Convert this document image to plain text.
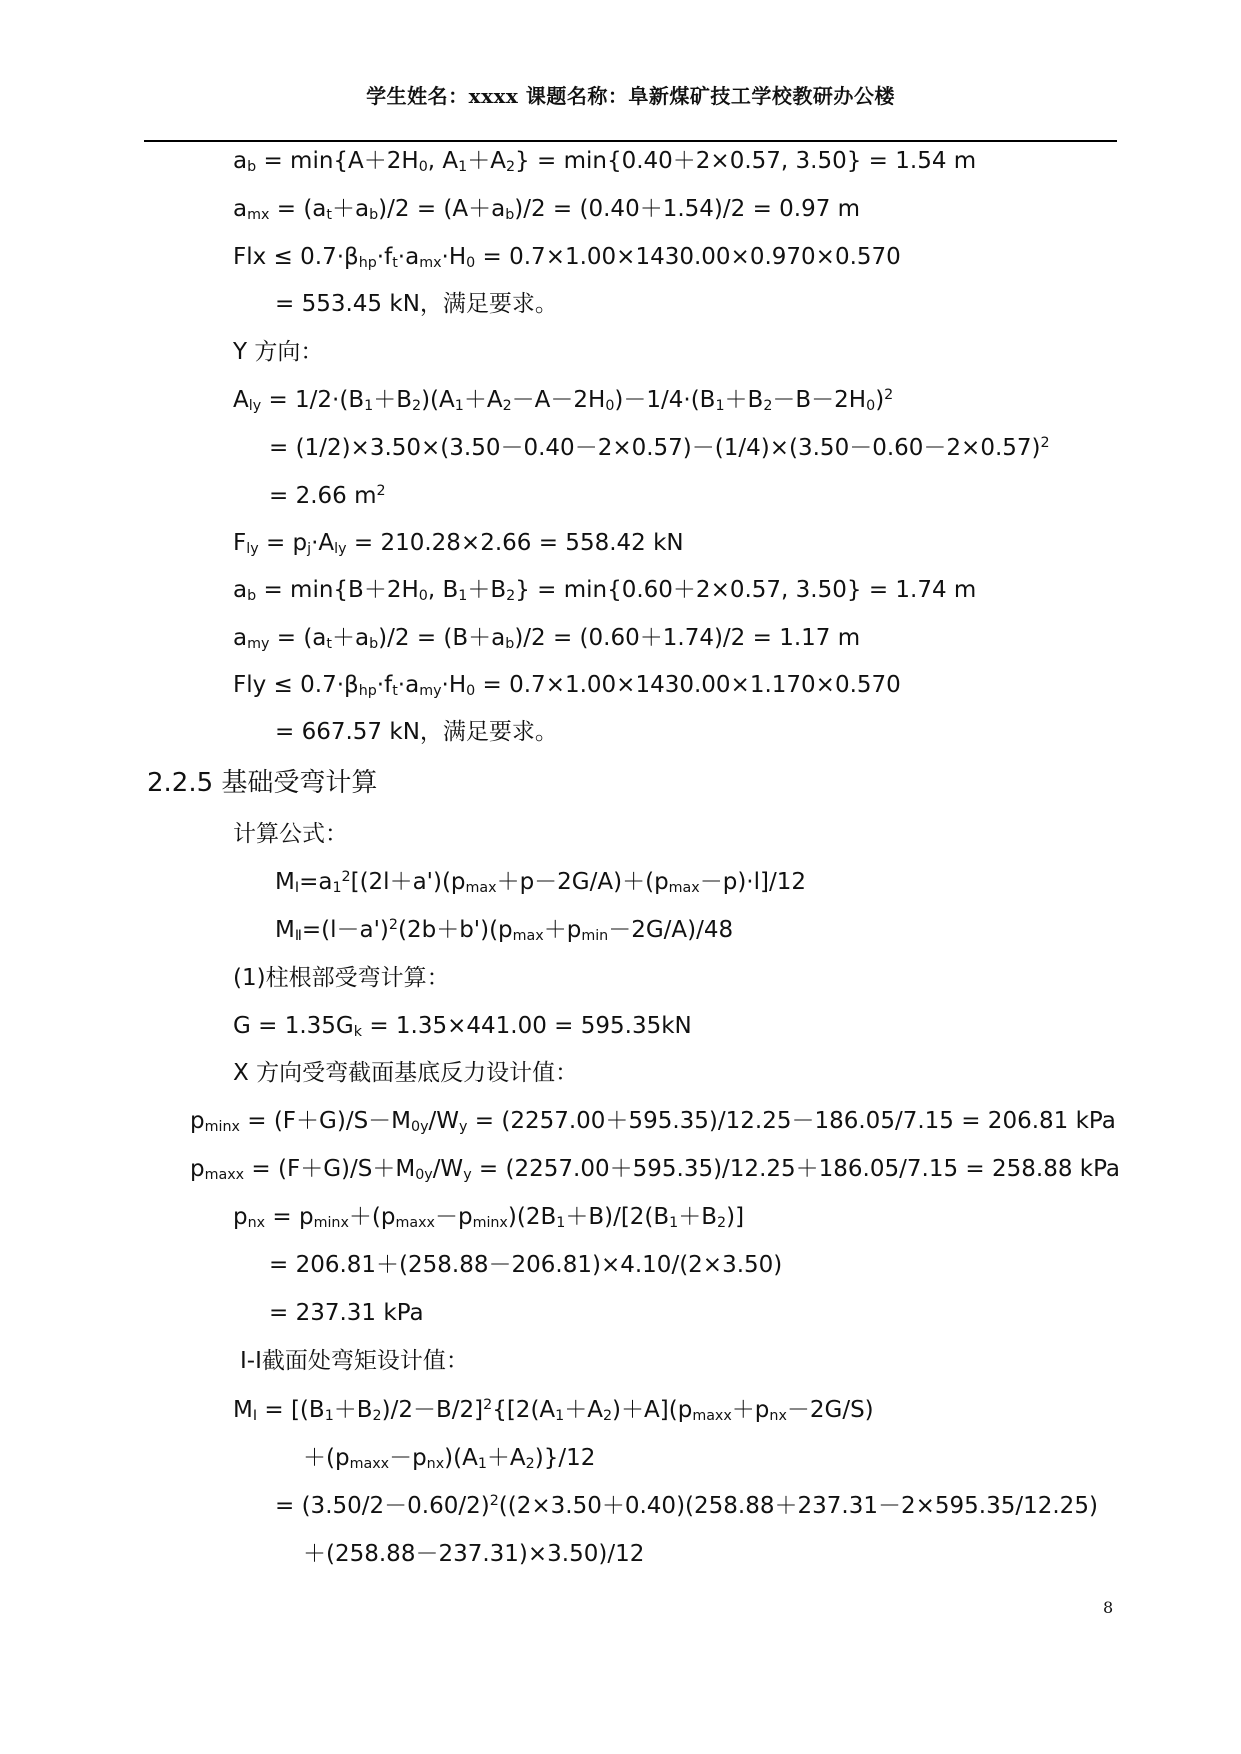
学生姓名：xxxx 课题名称：阜新煤矿技工学校教研办公楼
$a_b = \min\{A+2H_0$, $A_1+A_2\} = \min\{0.40+2\times 0.57$, 3.50} = 1.54 m
$a_{mx} = (a_t+a_b)/2 = (A+a_b)/2 = (0.40+1.54)/2 = 0.97$ m
Flx ≤ $0.7\cdot\beta_{hp}\cdot f_t\cdot a_{mx}\cdot H_0 = 0.7\times 1.00\times 1430.00\times 0.970\times 0.570$
= 553.45 kN，满足要求。
Y 方向：
$A_{ly} = 1/2\cdot(B_1+B_2)(A_1+A_2-A-2H_0)-1/4\cdot(B_1+B_2-B-2H_0)^2$
= $(1/2)\times 3.50\times(3.50-0.40-2\times 0.57)-(1/4)\times(3.50-0.60-2\times 0.57)^2$
= 2.66 $m^2$
$F_{ly} = p_j\cdot A_{ly} = 210.28\times 2.66 = 558.42$ kN
$a_b = \min\{B+2H_0$, $B_1+B_2\} = \min\{0.60+2\times 0.57$, 3.50} = 1.74 m
$a_{my} = (a_t+a_b)/2 = (B+a_b)/2 = (0.60+1.74)/2 = 1.17$ m
Fly ≤ $0.7\cdot\beta_{hp}\cdot f_t\cdot a_{my}\cdot H_0 = 0.7\times 1.00\times 1430.00\times 1.170\times 0.570$
= 667.57 kN，满足要求。
2.2.5 基础受弯计算
计算公式：
$M_Ⅰ=a_1^2[(2l+a')(p_{max}+p-2G/A)+(p_{max}-p)\cdot l]/12$
$M_Ⅱ=(l-a')^2(2b+b')(p_{max}+p_{min}-2G/A)/48$
(1)柱根部受弯计算：
$G = 1.35G_k = 1.35\times 441.00 = 595.35kN$
X 方向受弯截面基底反力设计值：
$p_{minx} = (F+G)/S-M_{0y}/W_y = (2257.00+595.35)/12.25-186.05/7.15 = 206.81$ kPa
$p_{maxx} = (F+G)/S+M_{0y}/W_y = (2257.00+595.35)/12.25+186.05/7.15 = 258.88$ kPa
$p_{nx} = p_{minx}+(p_{maxx}-p_{minx})(2B_1+B)/[2(B_1+B_2)]$
= 206.81＋(258.88－206.81)×4.10/(2×3.50)
= 237.31 kPa
Ⅰ-Ⅰ截面处弯矩设计值：
$M_Ⅰ = [(B_1+B_2)/2-B/2]^2\{[2(A_1+A_2)+A](p_{maxx}+p_{nx}-2G/S)$
$+(p_{maxx}-p_{nx})(A_1+A_2)\}/12$
= $(3.50/2-0.60/2)^2((2\times 3.50+0.40)(258.88+237.31-2\times 595.35/12.25)$
＋(258.88－237.31)×3.50)/12
8
